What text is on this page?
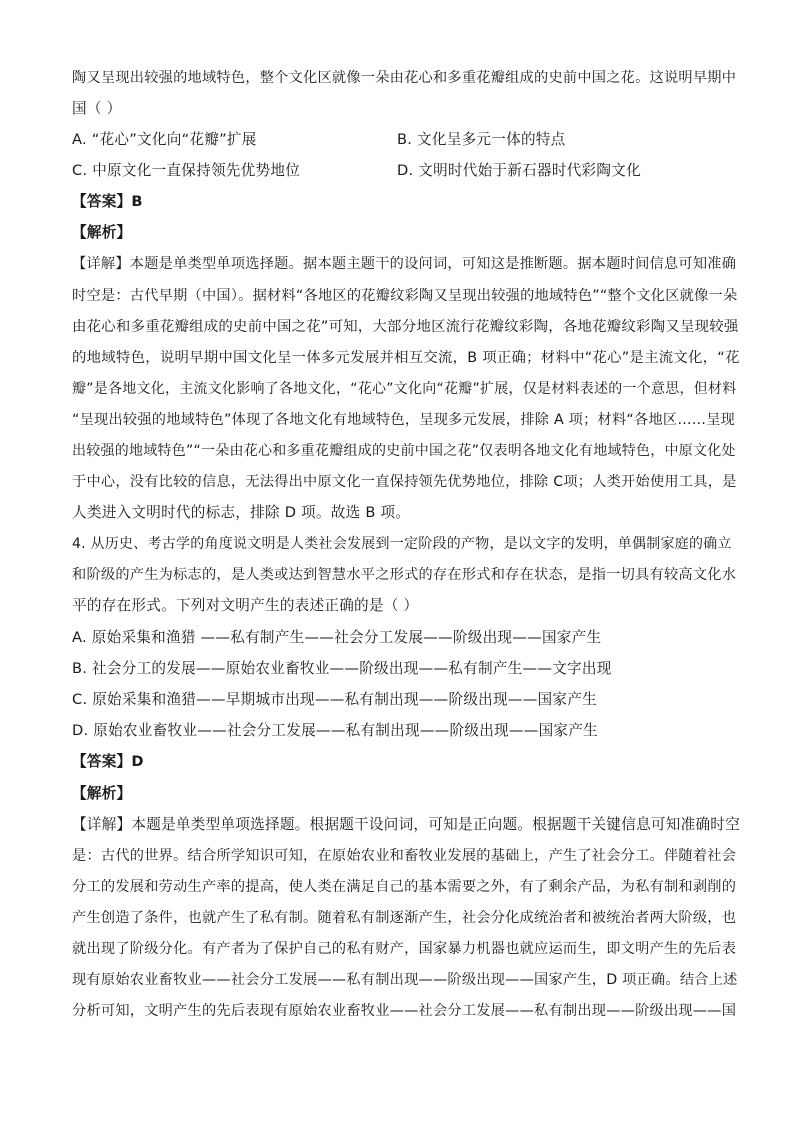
陶又呈现出较强的地域特色，整个文化区就像一朵由花心和多重花瓣组成的史前中国之花。这说明早期中
国（ ）
A. “花心”文化向“花瓣”扩展	B. 文化呈多元一体的特点
C. 中原文化一直保持领先优势地位	D. 文明时代始于新石器时代彩陶文化
【答案】B
【解析】
【详解】本题是单类型单项选择题。据本题主题干的设问词，可知这是推断题。据本题时间信息可知准确
时空是：古代早期（中国）。据材料“各地区的花瓣纹彩陶又呈现出较强的地域特色”“整个文化区就像一朵
由花心和多重花瓣组成的史前中国之花”可知，大部分地区流行花瓣纹彩陶，各地花瓣纹彩陶又呈现较强
的地域特色，说明早期中国文化呈一体多元发展并相互交流，B 项正确；材料中“花心”是主流文化，“花
瓣”是各地文化，主流文化影响了各地文化，“花心”文化向“花瓣”扩展，仅是材料表述的一个意思，但材料
“呈现出较强的地域特色”体现了各地文化有地域特色，呈现多元发展，排除 A 项；材料“各地区……呈现
出较强的地域特色”“一朵由花心和多重花瓣组成的史前中国之花”仅表明各地文化有地域特色，中原文化处
于中心，没有比较的信息，无法得出中原文化一直保持领先优势地位，排除 C项；人类开始使用工具，是
人类进入文明时代的标志，排除 D 项。故选 B 项。
4. 从历史、考古学的角度说文明是人类社会发展到一定阶段的产物，是以文字的发明，单偶制家庭的确立
和阶级的产生为标志的，是人类或达到智慧水平之形式的存在形式和存在状态，是指一切具有较高文化水
平的存在形式。下列对文明产生的表述正确的是（ ）
A. 原始采集和渔猎 ——私有制产生——社会分工发展——阶级出现——国家产生
B. 社会分工的发展——原始农业畜牧业——阶级出现——私有制产生——文字出现
C. 原始采集和渔猎——早期城市出现——私有制出现——阶级出现——国家产生
D. 原始农业畜牧业——社会分工发展——私有制出现——阶级出现——国家产生
【答案】D
【解析】
【详解】本题是单类型单项选择题。根据题干设问词，可知是正向题。根据题干关键信息可知准确时空
是：古代的世界。结合所学知识可知，在原始农业和畜牧业发展的基础上，产生了社会分工。伴随着社会
分工的发展和劳动生产率的提高，使人类在满足自己的基本需要之外，有了剩余产品，为私有制和剥削的
产生创造了条件，也就产生了私有制。随着私有制逐渐产生，社会分化成统治者和被统治者两大阶级，也
就出现了阶级分化。有产者为了保护自己的私有财产，国家暴力机器也就应运而生，即文明产生的先后表
现有原始农业畜牧业——社会分工发展——私有制出现——阶级出现——国家产生，D 项正确。结合上述
分析可知，文明产生的先后表现有原始农业畜牧业——社会分工发展——私有制出现——阶级出现——国
